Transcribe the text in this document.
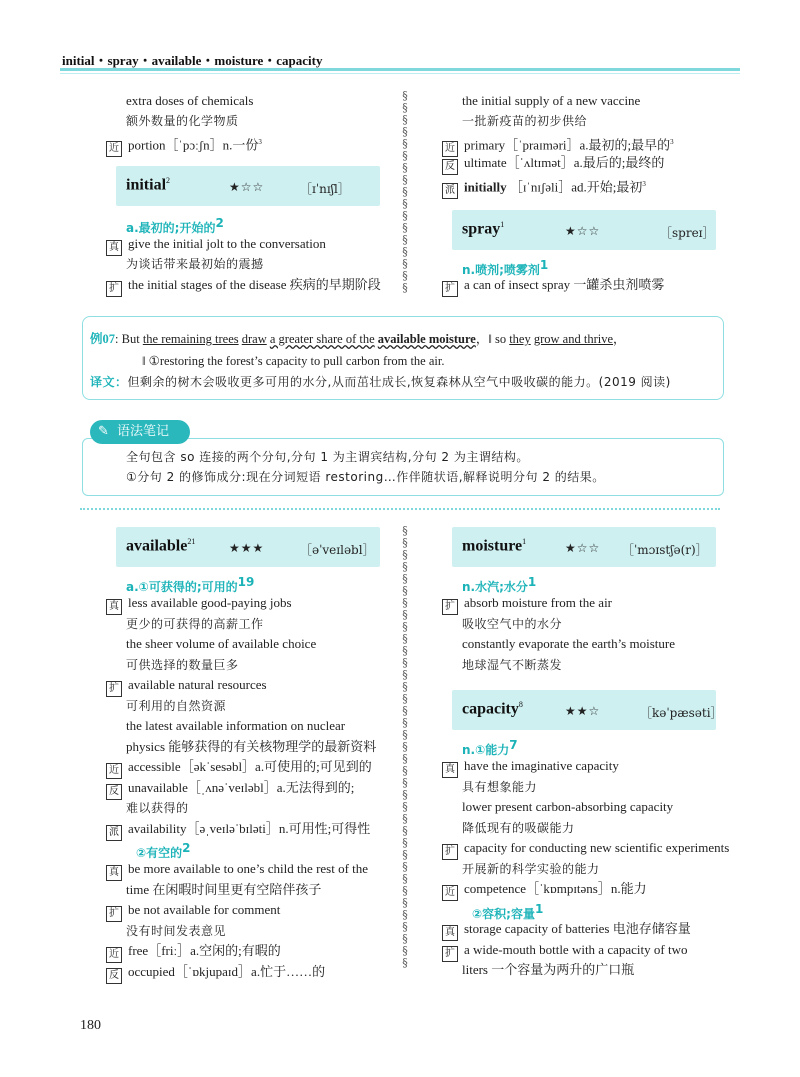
initial・spray・available・moisture・capacity
extra doses of chemicals
额外数量的化学物质
近 portion［ˈpɔːʃn］n.一份$^3$
initial$^2$	★☆☆	［ɪˈnɪʃl］
a.最初的;开始的$^2$
真 give the initial jolt to the conversation
为谈话带来最初始的震撼
扩 the initial stages of the disease 疾病的早期阶段
the initial supply of a new vaccine
一批新疫苗的初步供给
近 primary［ˈpraɪməri］a.最初的;最早的$^3$
反 ultimate［ˈʌltɪmət］a.最后的;最终的
派 initially ［ɪˈnɪʃəli］ad.开始;最初$^3$
spray$^1$	★☆☆	［spreɪ］
n.喷剂;喷雾剂$^1$
扩 a can of insect spray 一罐杀虫剂喷雾
§
§
§
§
§
§
§
§
§
§
§
§
§
§
§
§
§
§
§
§
§
§
§
§
§
§
§
§
§
§
§
§
§
§
§
§
§
§
§
§
§
§
§
§
§
§
§
§
§
§
§
§
§
§
例07: But the remaining trees draw a greater share of the available moisture，‖ so they grow and thrive，
‖ ①restoring the forest’s capacity to pull carbon from the air.
译文：但剩余的树木会吸收更多可用的水分,从而茁壮成长,恢复森林从空气中吸收碳的能力。(2019 阅读)
✎ 语法笔记
全句包含 so 连接的两个分句,分句 1 为主谓宾结构,分句 2 为主谓结构。
①分句 2 的修饰成分:现在分词短语 restoring…作伴随状语,解释说明分句 2 的结果。
available$^{21}$	★★★	［əˈveɪləbl］
a.①可获得的;可用的$^{19}$
真 less available good-paying jobs
更少的可获得的高薪工作
the sheer volume of available choice
可供选择的数量巨多
扩 available natural resources
可利用的自然资源
the latest available information on nuclear
physics 能够获得的有关核物理学的最新资料
近 accessible［əkˈsesəbl］a.可使用的;可见到的
反 unavailable［ˌʌnəˈveɪləbl］a.无法得到的;
难以获得的
派 availability［əˌveɪləˈbɪləti］n.可用性;可得性
②有空的$^2$
真 be more available to one’s child the rest of the
time 在闲暇时间里更有空陪伴孩子
扩 be not available for comment
没有时间发表意见
近 free［friː］a.空闲的;有暇的
反 occupied［ˈɒkjupaɪd］a.忙于……的
moisture$^1$	★☆☆ ［ˈmɔɪstʃə(r)］
n.水汽;水分$^1$
扩 absorb moisture from the air
吸收空气中的水分
constantly evaporate the earth’s moisture
地球湿气不断蒸发
capacity$^8$	★★☆	［kəˈpæsəti］
n.①能力$^7$
真 have the imaginative capacity
具有想象能力
lower present carbon-absorbing capacity
降低现有的吸碳能力
扩 capacity for conducting new scientific experiments
开展新的科学实验的能力
近 competence［ˈkɒmpɪtəns］n.能力
②容积;容量$^1$
真 storage capacity of batteries 电池存储容量
扩 a wide-mouth bottle with a capacity of two
liters 一个容量为两升的广口瓶
180
